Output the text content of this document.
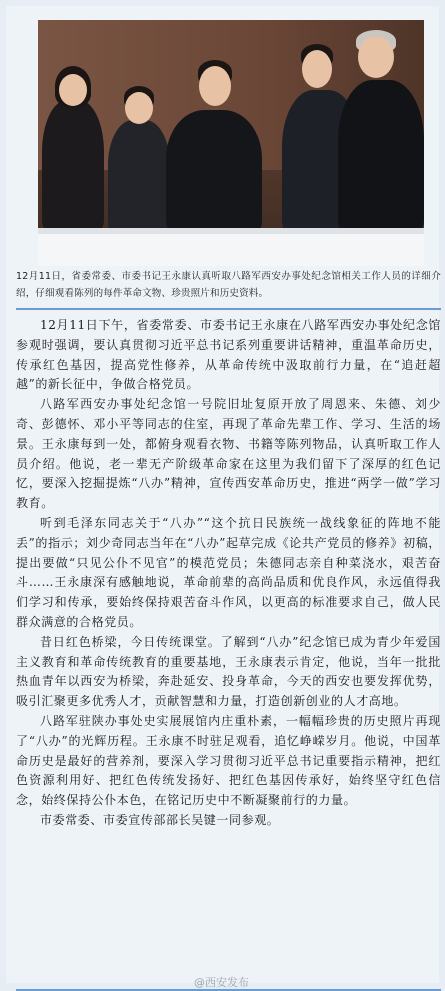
12月11日，省委常委、市委书记王永康认真听取八路军西安办事处纪念馆相关工作人员的详细介绍，仔细观看陈列的每件革命文物、珍贵照片和历史资料。

12月11日下午，省委常委、市委书记王永康在八路军西安办事处纪念馆参观时强调，要认真贯彻习近平总书记系列重要讲话精神，重温革命历史，传承红色基因，提高党性修养，从革命传统中汲取前行力量，在“追赶超越”的新长征中，争做合格党员。

八路军西安办事处纪念馆一号院旧址复原开放了周恩来、朱德、刘少奇、彭德怀、邓小平等同志的住室，再现了革命先辈工作、学习、生活的场景。王永康每到一处，都俯身观看衣物、书籍等陈列物品，认真听取工作人员介绍。他说，老一辈无产阶级革命家在这里为我们留下了深厚的红色记忆，要深入挖掘提炼“八办”精神，宣传西安革命历史，推进“两学一做”学习教育。

听到毛泽东同志关于“八办”“这个抗日民族统一战线象征的阵地不能丢”的指示；刘少奇同志当年在“八办”起草完成《论共产党员的修养》初稿，提出要做“只见公仆不见官”的模范党员；朱德同志亲自种菜浇水，艰苦奋斗……王永康深有感触地说，革命前辈的高尚品质和优良作风，永远值得我们学习和传承，要始终保持艰苦奋斗作风，以更高的标准要求自己，做人民群众满意的合格党员。

昔日红色桥梁，今日传统课堂。了解到“八办”纪念馆已成为青少年爱国主义教育和革命传统教育的重要基地，王永康表示肯定，他说，当年一批批热血青年以西安为桥梁，奔赴延安、投身革命，今天的西安也要发挥优势，吸引汇聚更多优秀人才，贡献智慧和力量，打造创新创业的人才高地。

八路军驻陕办事处史实展展馆内庄重朴素，一幅幅珍贵的历史照片再现了“八办”的光辉历程。王永康不时驻足观看，追忆峥嵘岁月。他说，中国革命历史是最好的营养剂，要深入学习贯彻习近平总书记重要指示精神，把红色资源利用好、把红色传统发扬好、把红色基因传承好，始终坚守红色信念，始终保持公仆本色，在铭记历史中不断凝聚前行的力量。

市委常委、市委宣传部部长吴键一同参观。

@西安发布
